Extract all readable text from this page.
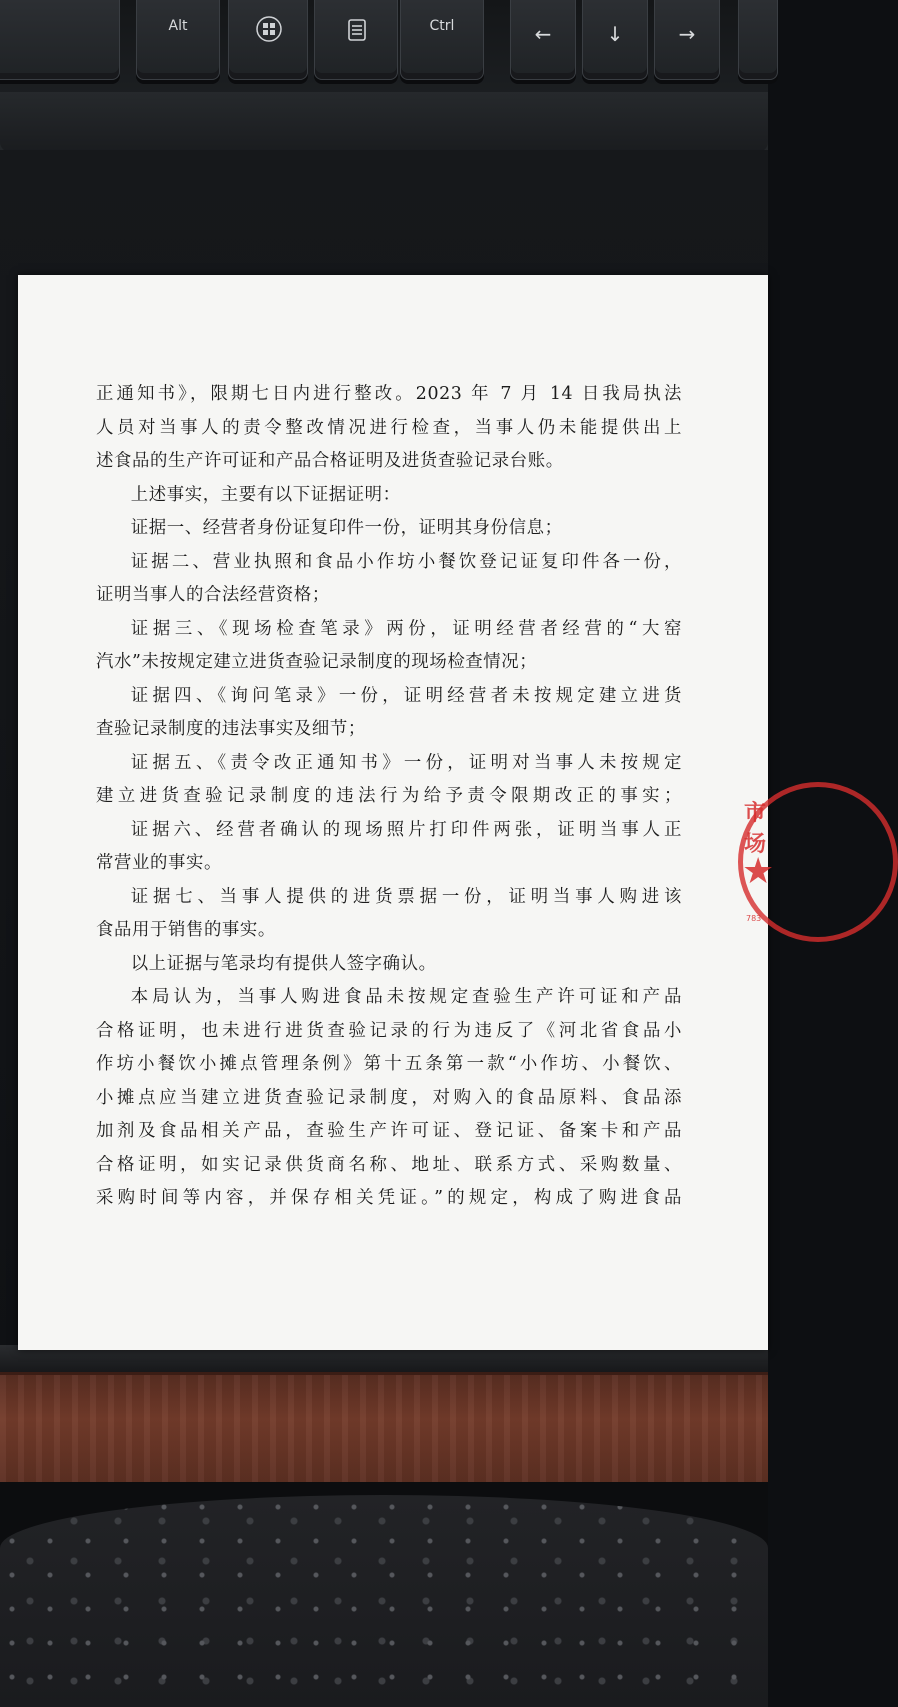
Alt	Ctrl	←	↓	→
正通知书》，限期七日内进行整改。2023 年 7 月 14 日我局执法
人员对当事人的责令整改情况进行检查，当事人仍未能提供出上
述食品的生产许可证和产品合格证明及进货查验记录台账。
上述事实，主要有以下证据证明：
证据一、经营者身份证复印件一份，证明其身份信息；
证据二、营业执照和食品小作坊小餐饮登记证复印件各一份，
证明当事人的合法经营资格；
证据三、《现场检查笔录》两份，证明经营者经营的“大窑
汽水”未按规定建立进货查验记录制度的现场检查情况；
证据四、《询问笔录》一份，证明经营者未按规定建立进货
查验记录制度的违法事实及细节；
证据五、《责令改正通知书》一份，证明对当事人未按规定
建立进货查验记录制度的违法行为给予责令限期改正的事实；
证据六、经营者确认的现场照片打印件两张，证明当事人正
常营业的事实。
证据七、当事人提供的进货票据一份，证明当事人购进该
食品用于销售的事实。
以上证据与笔录均有提供人签字确认。
本局认为，当事人购进食品未按规定查验生产许可证和产品
合格证明，也未进行进货查验记录的行为违反了《河北省食品小
作坊小餐饮小摊点管理条例》第十五条第一款“小作坊、小餐饮、
小摊点应当建立进货查验记录制度，对购入的食品原料、食品添
加剂及食品相关产品，查验生产许可证、登记证、备案卡和产品
合格证明，如实记录供货商名称、地址、联系方式、采购数量、
采购时间等内容，并保存相关凭证。”的规定，构成了购进食品
市场
★
783
